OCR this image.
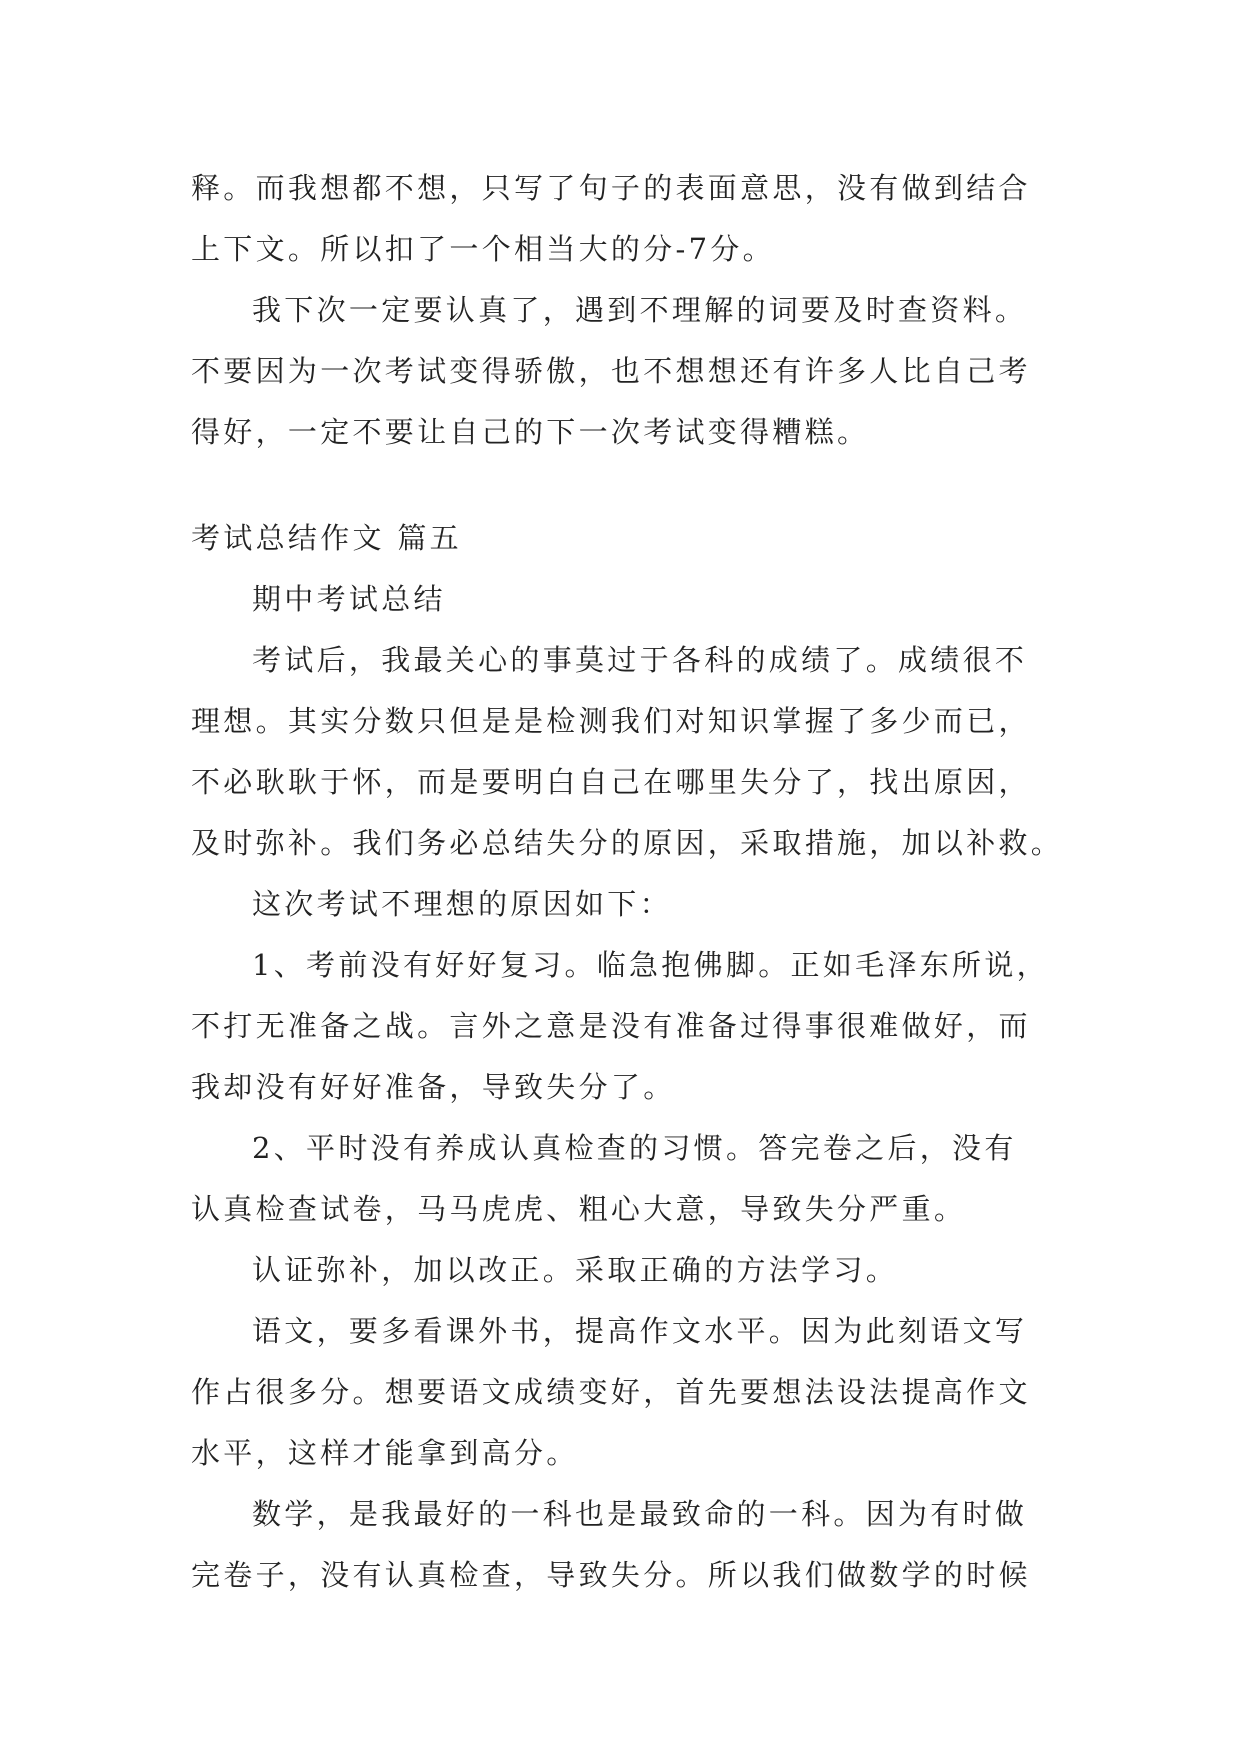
释。而我想都不想，只写了句子的表面意思，没有做到结合
上下文。所以扣了一个相当大的分-7分。
我下次一定要认真了，遇到不理解的词要及时查资料。
不要因为一次考试变得骄傲，也不想想还有许多人比自己考
得好，一定不要让自己的下一次考试变得糟糕。
考试总结作文 篇五
期中考试总结
考试后，我最关心的事莫过于各科的成绩了。成绩很不
理想。其实分数只但是是检测我们对知识掌握了多少而已，
不必耿耿于怀，而是要明白自己在哪里失分了，找出原因，
及时弥补。我们务必总结失分的原因，采取措施，加以补救。
这次考试不理想的原因如下：
1、考前没有好好复习。临急抱佛脚。正如毛泽东所说，
不打无准备之战。言外之意是没有准备过得事很难做好，而
我却没有好好准备，导致失分了。
2、平时没有养成认真检查的习惯。答完卷之后，没有
认真检查试卷，马马虎虎、粗心大意，导致失分严重。
认证弥补，加以改正。采取正确的方法学习。
语文，要多看课外书，提高作文水平。因为此刻语文写
作占很多分。想要语文成绩变好，首先要想法设法提高作文
水平，这样才能拿到高分。
数学，是我最好的一科也是最致命的一科。因为有时做
完卷子，没有认真检查，导致失分。所以我们做数学的时候
